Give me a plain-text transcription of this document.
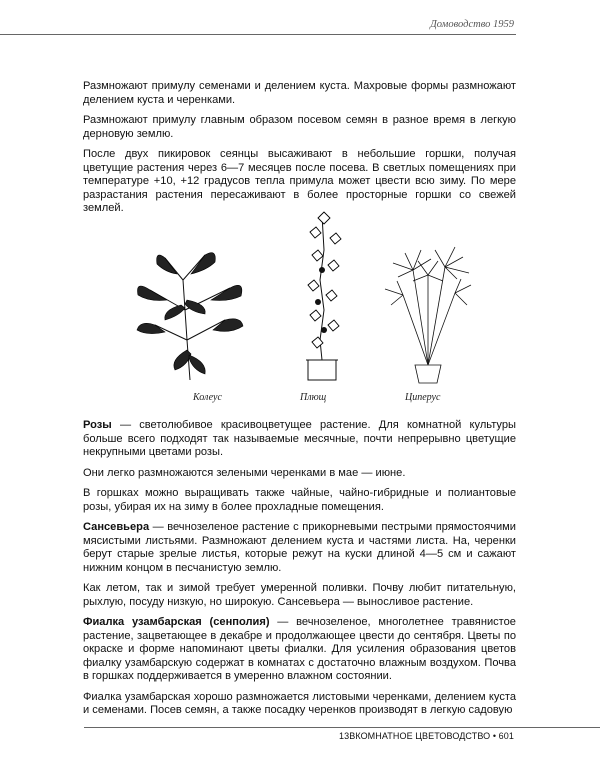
Домоводство 1959

Размножают примулу семенами и делением куста. Махровые формы размножают делением куста и черенками.

Размножают примулу главным образом посевом семян в разное время в легкую дерновую землю.

После двух пикировок сеянцы высаживают в небольшие горшки, получая цветущие растения через 6—7 месяцев после посева. В светлых помещениях при температуре +10, +12 градусов тепла примула может цвести всю зиму. По мере разрастания растения пересаживают в более просторные горшки со свежей землей.

Колеус	Плющ	Циперус

Розы — светолюбивое красивоцветущее растение. Для комнатной культуры больше всего подходят так называемые месячные, почти непрерывно цветущие некрупными цветами розы.

Они легко размножаются зелеными черенками в мае — июне.

В горшках можно выращивать также чайные, чайно-гибридные и полиантовые розы, убирая их на зиму в более прохладные помещения.

Сансевьера — вечнозеленое растение с прикорневыми пестрыми прямостоячими мясистыми листьями. Размножают делением куста и частями листа. На, черенки берут старые зрелые листья, которые режут на куски длиной 4—5 см и сажают нижним концом в песчанистую землю.

Как летом, так и зимой требует умеренной поливки. Почву любит питательную, рыхлую, посуду низкую, но широкую. Сансевьера — выносливое растение.

Фиалка узамбарская (сенполия) — вечнозеленое, многолетнее травянистое растение, зацветающее в декабре и продолжающее цвести до сентября. Цветы по окраске и форме напоминают цветы фиалки. Для усиления образования цветов фиалку узамбарскую содержат в комнатах с достаточно влажным воздухом. Почва в горшках поддерживается в умеренно влажном состоянии.

Фиалка узамбарская хорошо размножается листовыми черенками, делением куста и семенами. Посев семян, а также посадку черенков производят в легкую садовую

13ВКОМНАТНОЕ ЦВЕТОВОДСТВО • 601
